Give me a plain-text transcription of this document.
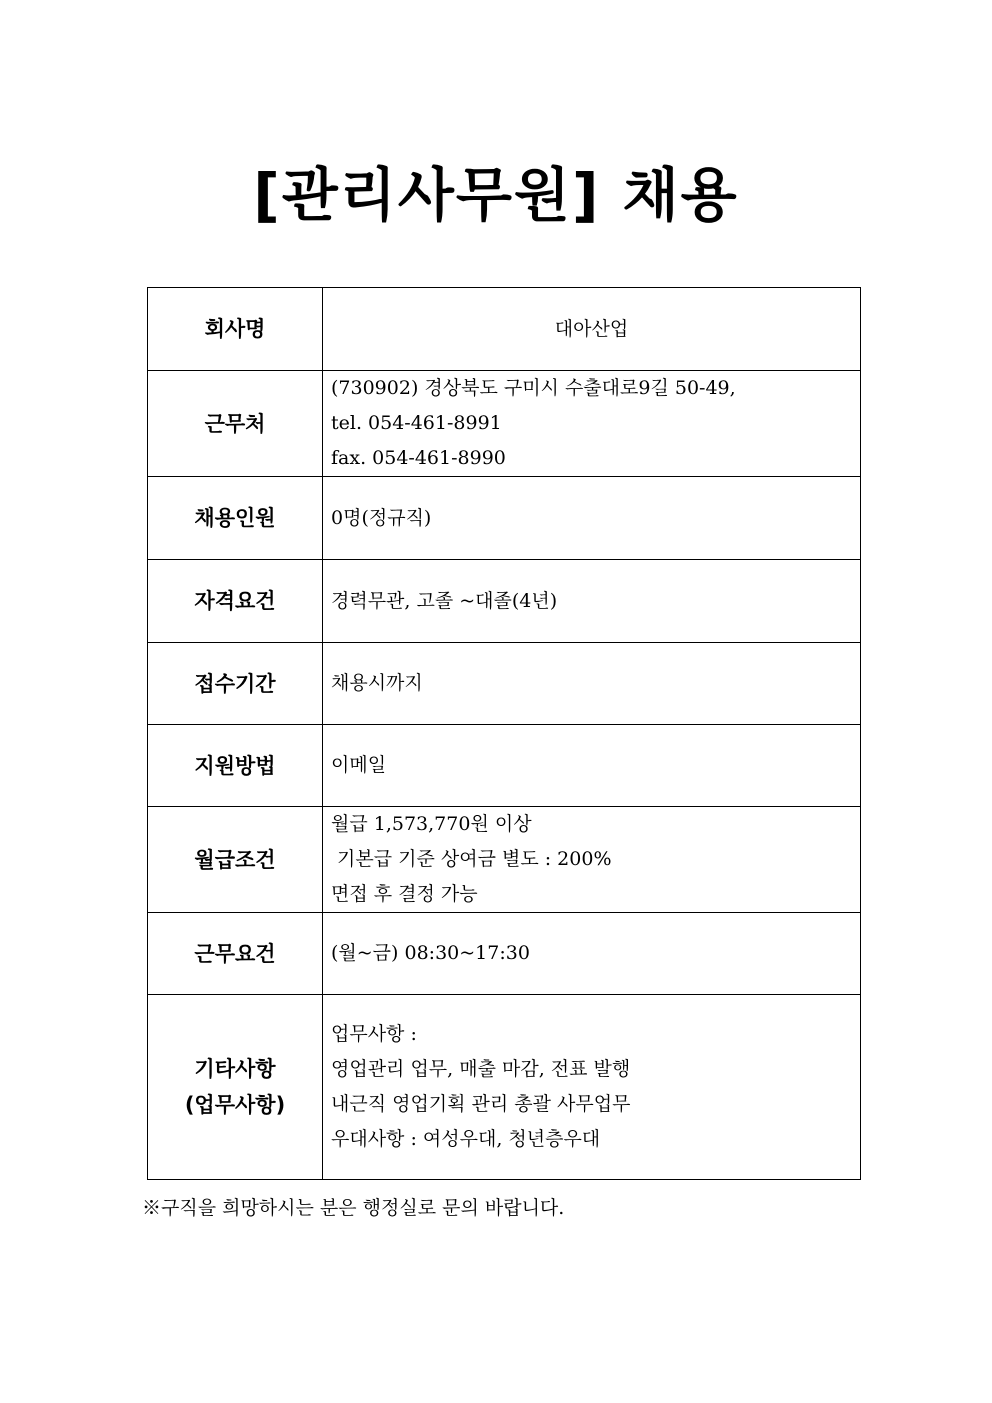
[관리사무원] 채용
회사명	대아산업

근무처	(730902) 경상북도 구미시 수출대로9길 50-49,
tel. 054-461-8991
fax. 054-461-8990

채용인원	0명(정규직)

자격요건	경력무관, 고졸 ~대졸(4년)

접수기간	채용시까지

지원방법	이메일

월급조건	월급 1,573,770원 이상
기본급 기준 상여금 별도 : 200%
면접 후 결정 가능

근무요건	(월~금) 08:30~17:30

기타사항
(업무사항)	업무사항 :
영업관리 업무, 매출 마감, 전표 발행
내근직 영업기획 관리 총괄 사무업무
우대사항 : 여성우대, 청년층우대
※구직을 희망하시는 분은 행정실로 문의 바랍니다.
